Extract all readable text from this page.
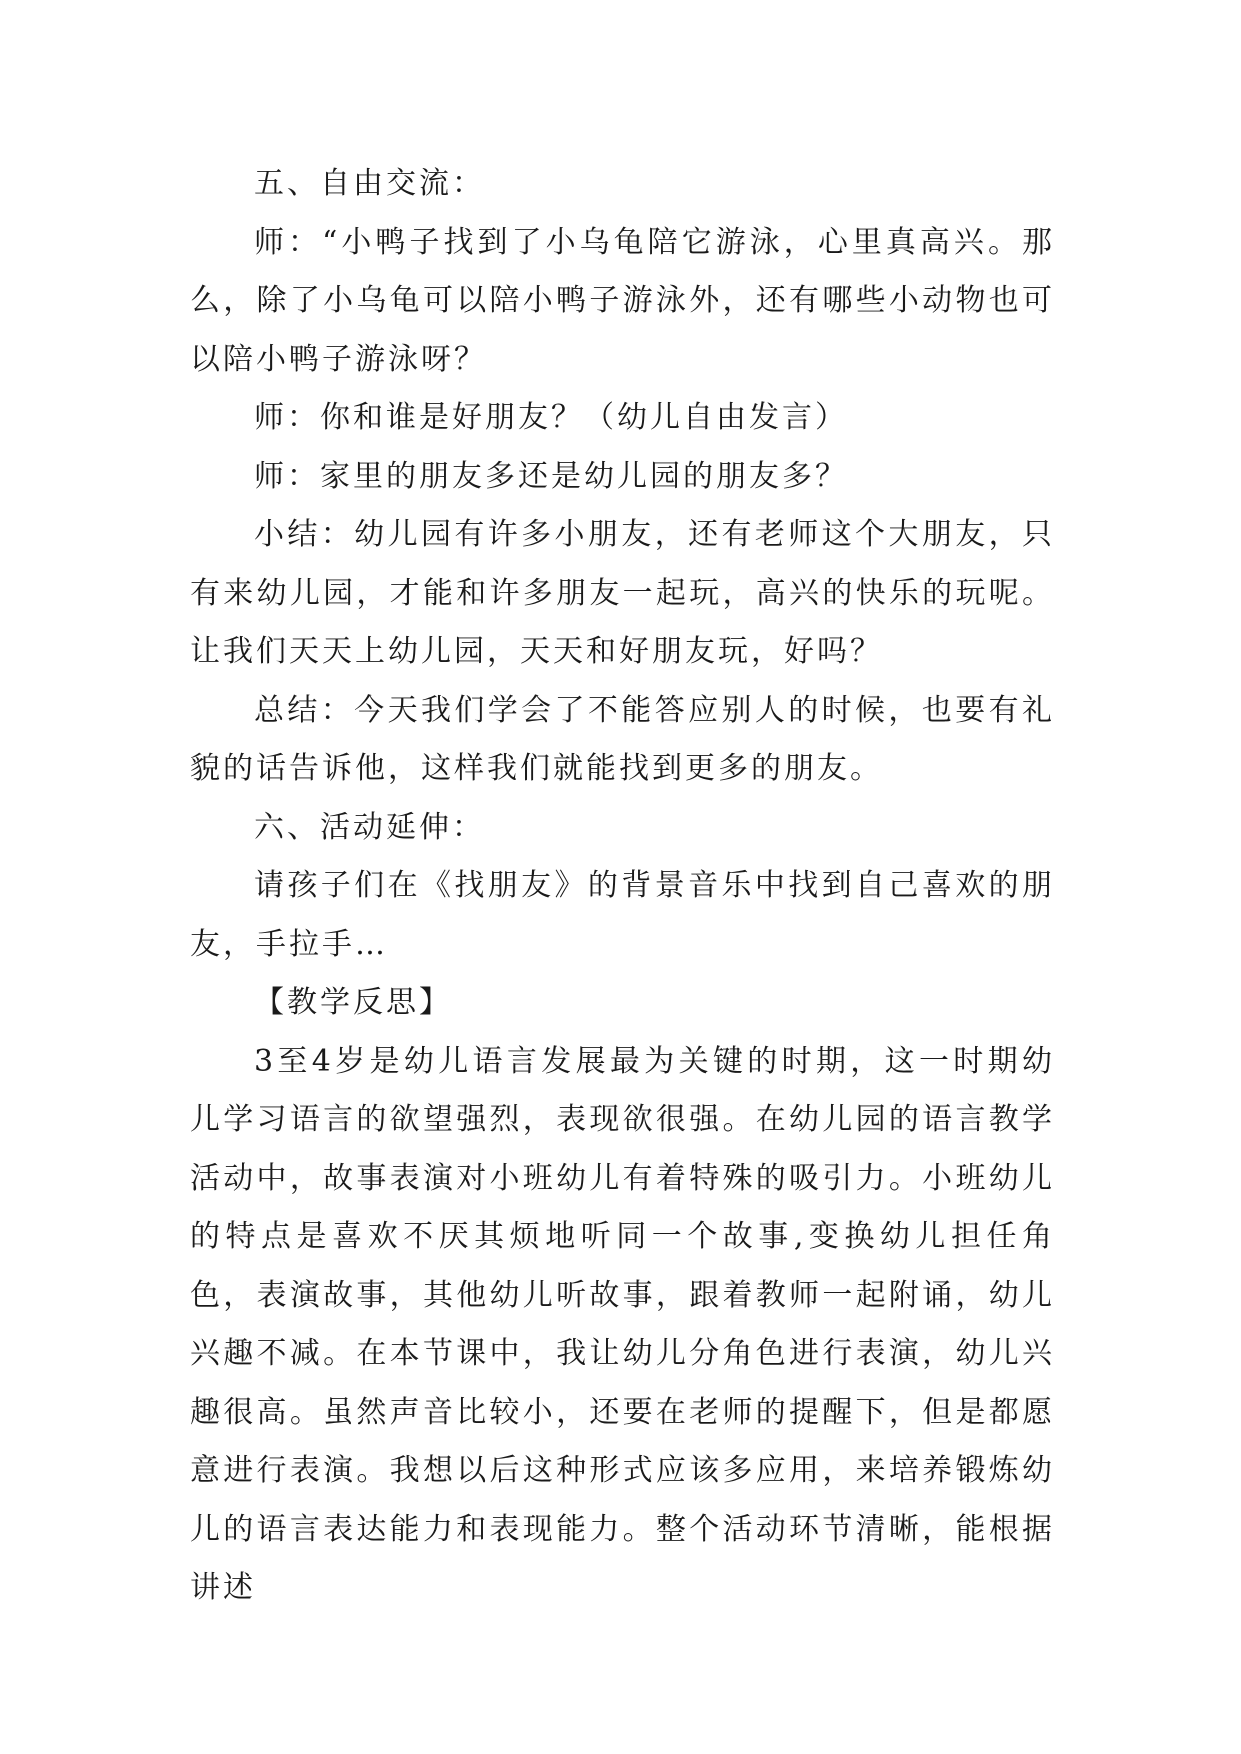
五、自由交流：

师：“小鸭子找到了小乌龟陪它游泳，心里真高兴。那么，除了小乌龟可以陪小鸭子游泳外，还有哪些小动物也可以陪小鸭子游泳呀？

师：你和谁是好朋友？（幼儿自由发言）

师：家里的朋友多还是幼儿园的朋友多？

小结：幼儿园有许多小朋友，还有老师这个大朋友，只有来幼儿园，才能和许多朋友一起玩，高兴的快乐的玩呢。让我们天天上幼儿园，天天和好朋友玩，好吗？

总结：今天我们学会了不能答应别人的时候，也要有礼貌的话告诉他，这样我们就能找到更多的朋友。

六、活动延伸：

请孩子们在《找朋友》的背景音乐中找到自己喜欢的朋友，手拉手…

【教学反思】

3至4岁是幼儿语言发展最为关键的时期，这一时期幼儿学习语言的欲望强烈，表现欲很强。在幼儿园的语言教学活动中，故事表演对小班幼儿有着特殊的吸引力。小班幼儿的特点是喜欢不厌其烦地听同一个故事,变换幼儿担任角色，表演故事，其他幼儿听故事，跟着教师一起附诵，幼儿兴趣不减。在本节课中，我让幼儿分角色进行表演，幼儿兴趣很高。虽然声音比较小，还要在老师的提醒下，但是都愿意进行表演。我想以后这种形式应该多应用，来培养锻炼幼儿的语言表达能力和表现能力。整个活动环节清晰，能根据讲述
